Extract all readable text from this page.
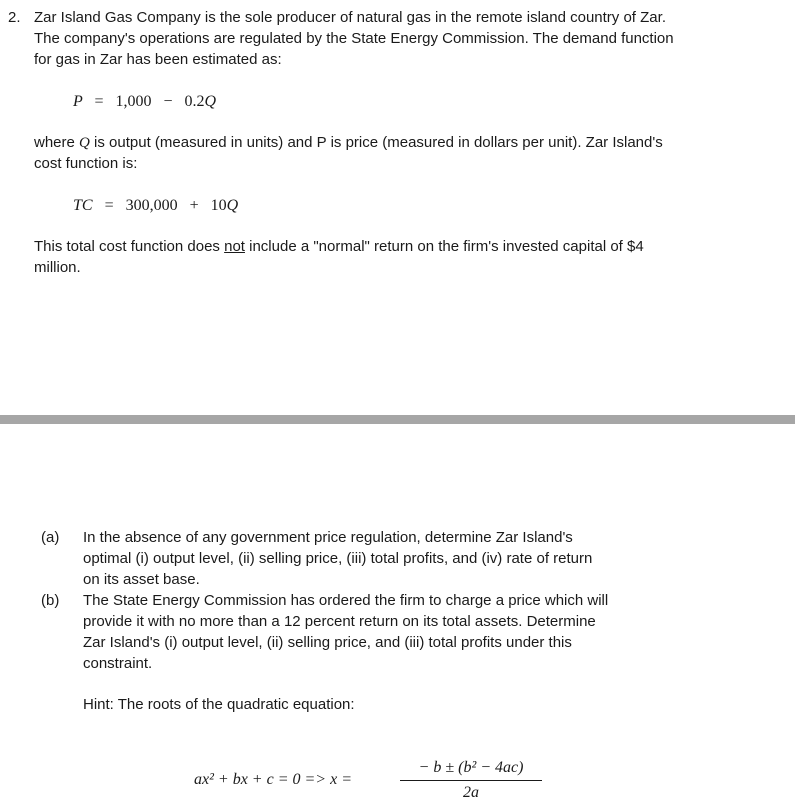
2. Zar Island Gas Company is the sole producer of natural gas in the remote island country of Zar.
The company's operations are regulated by the State Energy Commission. The demand function
for gas in Zar has been estimated as:
P = 1,000 − 0.2Q
where Q is output (measured in units) and P is price (measured in dollars per unit). Zar Island's
cost function is:
TC = 300,000 + 10Q
This total cost function does not include a "normal" return on the firm's invested capital of $4
million.
(a) In the absence of any government price regulation, determine Zar Island's
optimal (i) output level, (ii) selling price, (iii) total profits, and (iv) rate of return
on its asset base.
(b) The State Energy Commission has ordered the firm to charge a price which will
provide it with no more than a 12 percent return on its total assets. Determine
Zar Island's (i) output level, (ii) selling price, and (iii) total profits under this
constraint.
Hint: The roots of the quadratic equation:
ax² + bx + c = 0 => x =
− b ± (b² − 4ac)
2a
